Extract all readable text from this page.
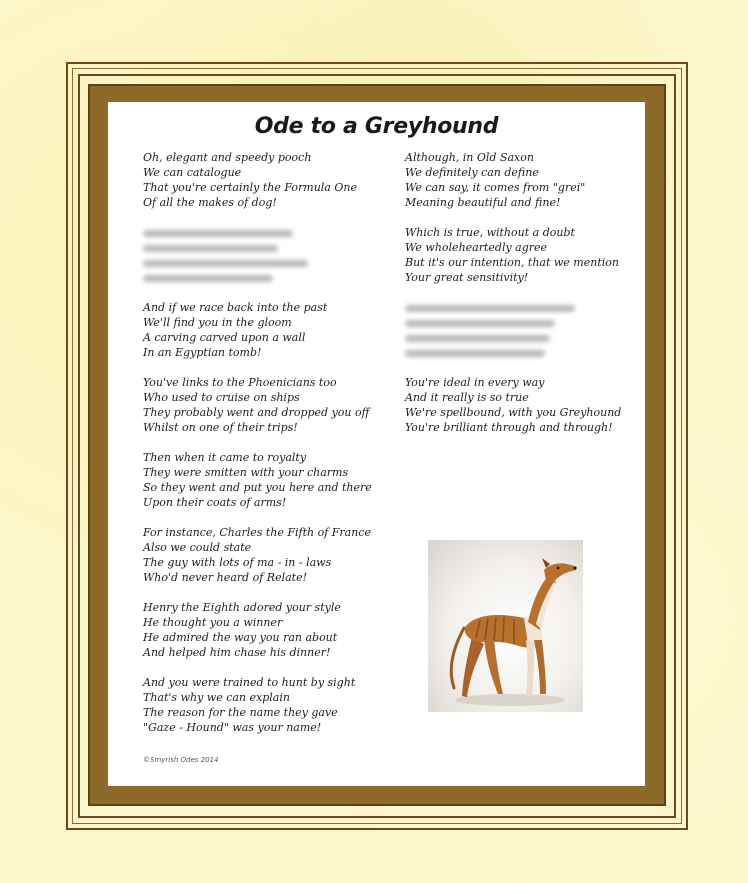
Ode to a Greyhound
Oh, elegant and speedy pooch
We can catalogue
That you're certainly the Formula One
Of all the makes of dog!
And if we race back into the past
We'll find you in the gloom
A carving carved upon a wall
In an Egyptian tomb!
You've links to the Phoenicians too
Who used to cruise on ships
They probably went and dropped you off
Whilst on one of their trips!
Then when it came to royalty
They were smitten with your charms
So they went and put you here and there
Upon their coats of arms!
For instance, Charles the Fifth of France
Also we could state
The guy with lots of ma - in - laws
Who'd never heard of Relate!
Henry the Eighth adored your style
He thought you a winner
He admired the way you ran about
And helped him chase his dinner!
And you were trained to hunt by sight
That's why we can explain
The reason for the name they gave
"Gaze - Hound" was your name!
Although, in Old Saxon
We definitely can define
We can say, it comes from "grei"
Meaning beautiful and fine!
Which is true, without a doubt
We wholeheartedly agree
But it's our intention, that we mention
Your great sensitivity!
You're ideal in every way
And it really is so true
We're spellbound, with you Greyhound
You're brilliant through and through!
©Smyrish Odes 2014
